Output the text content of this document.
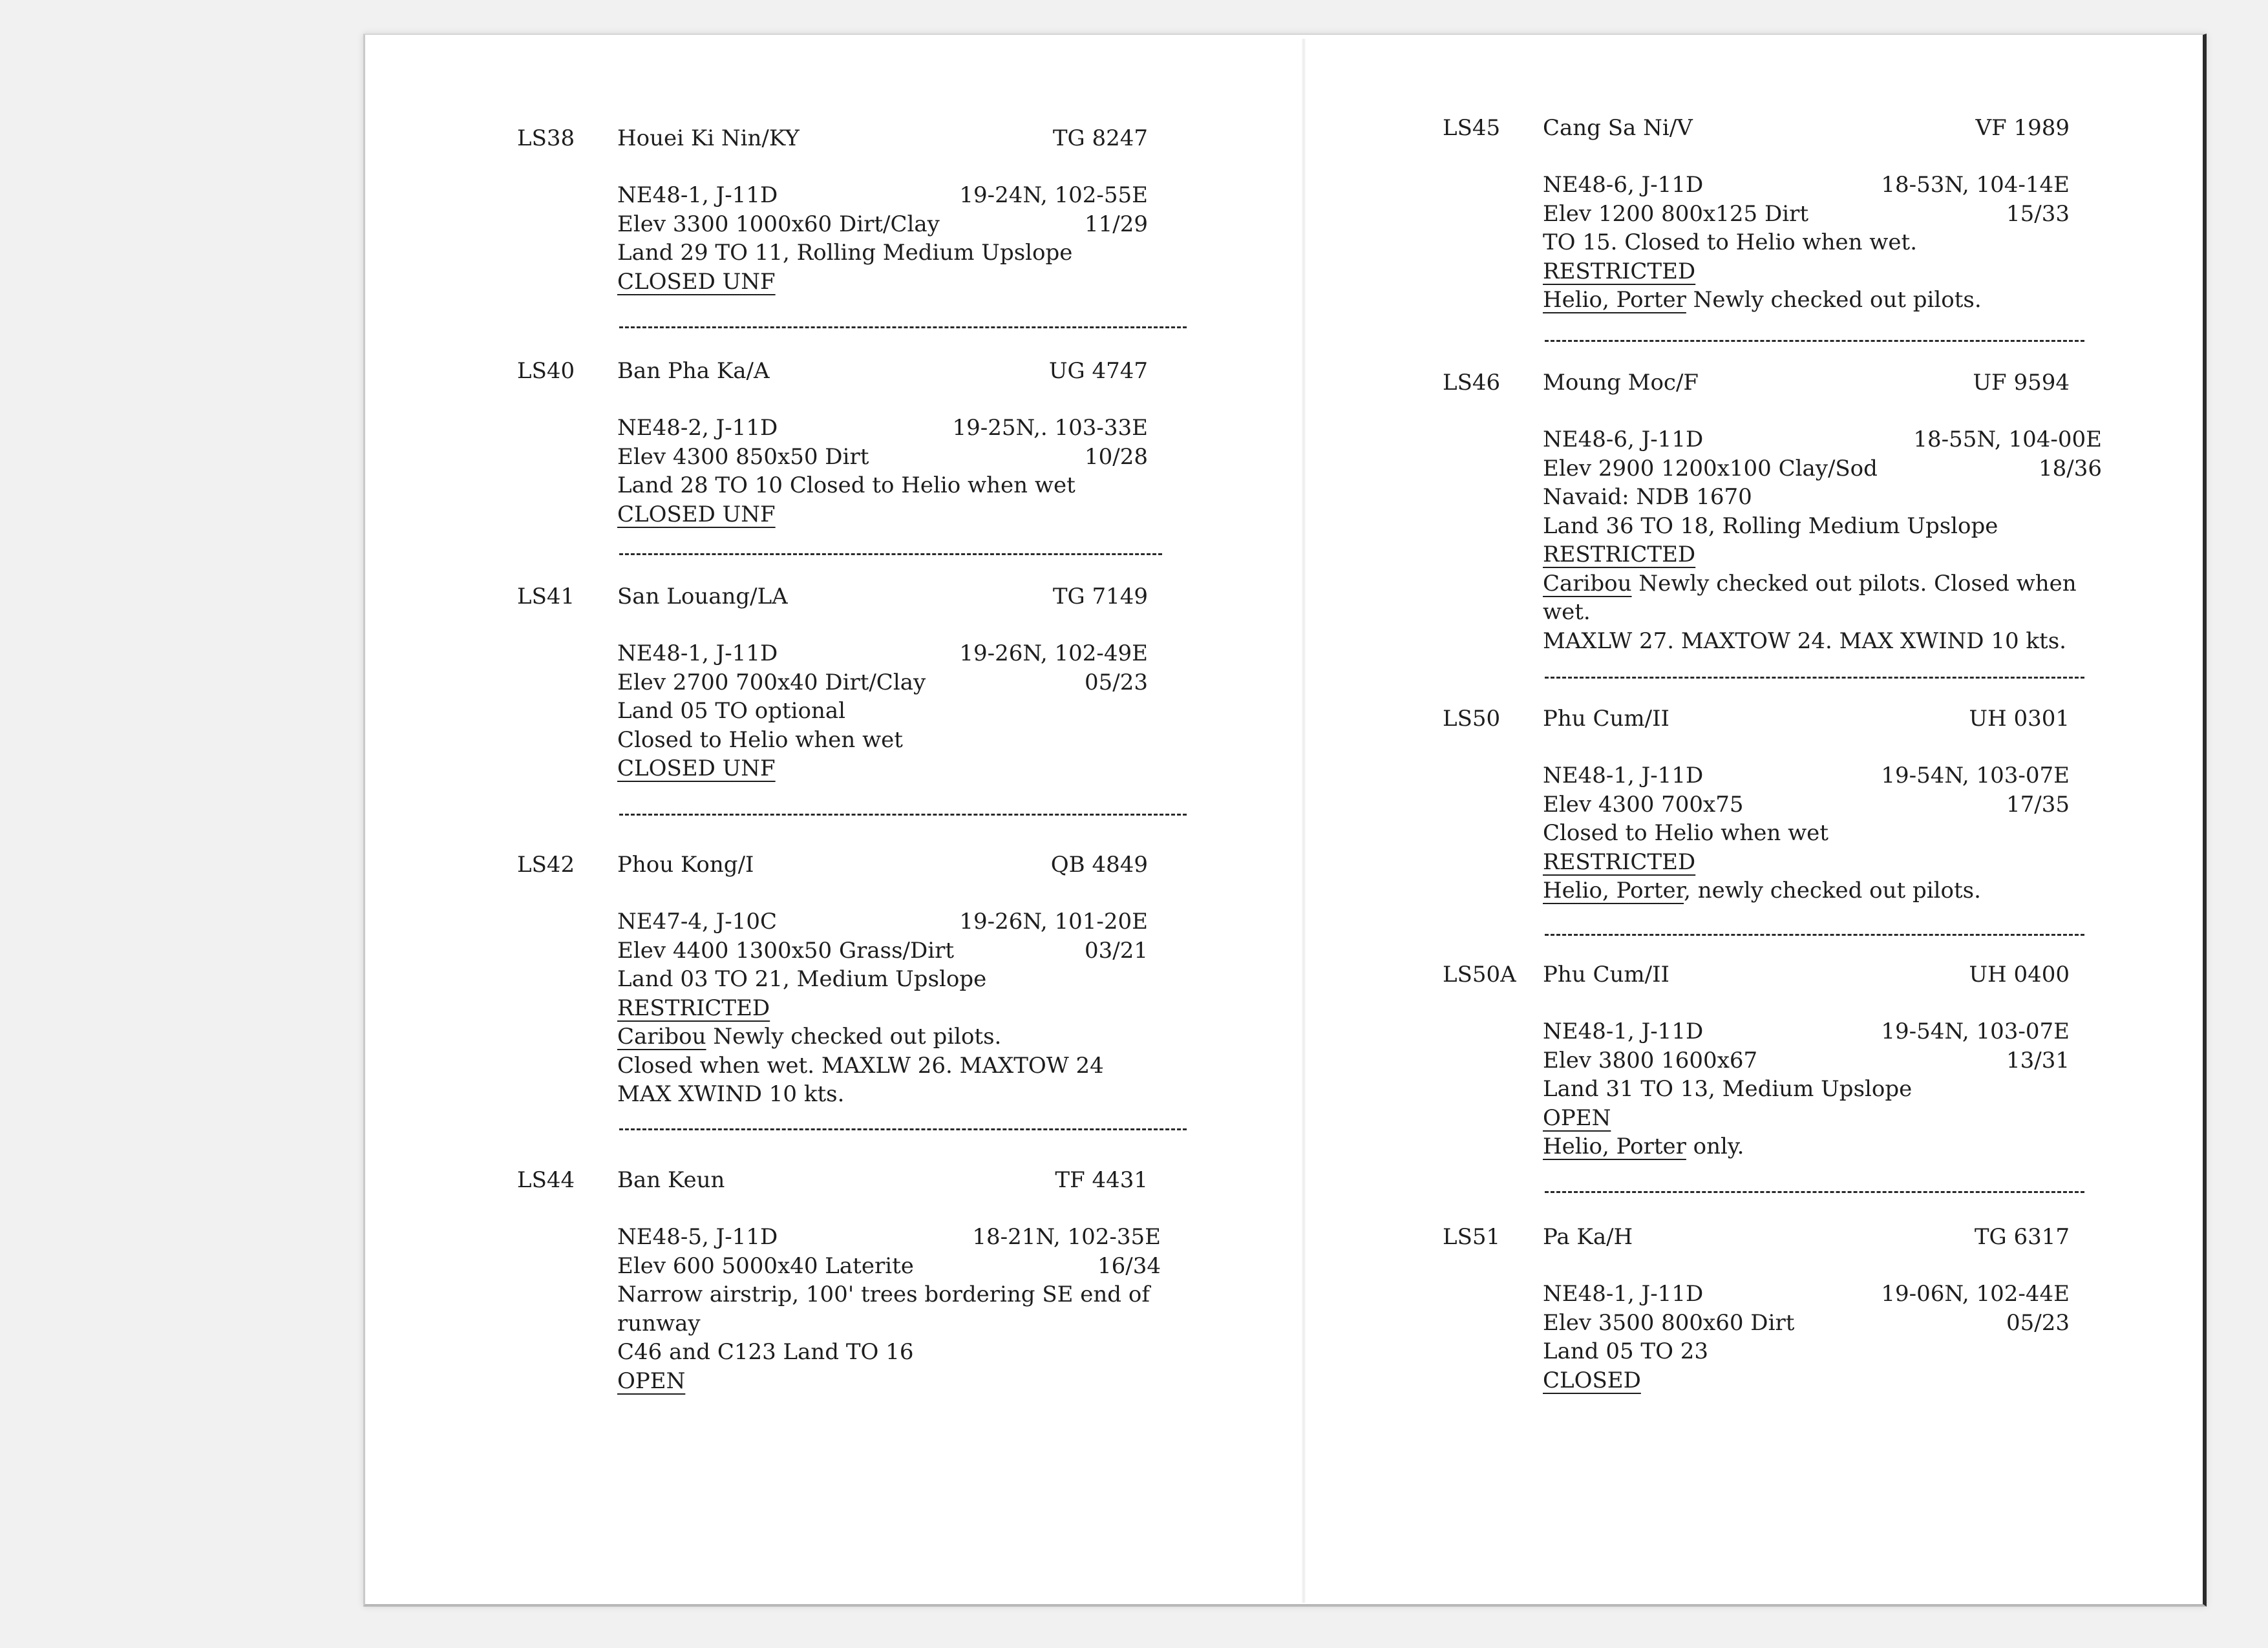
LS38 Houei Ki Nin/KY	TG 8247
NE48-1, J-11D	19-24N, 102-55E
Elev 3300 1000x60 Dirt/Clay	11/29
Land 29 TO 11, Rolling Medium Upslope
CLOSED UNF
LS40 Ban Pha Ka/A	UG 4747
NE48-2, J-11D	19-25N,. 103-33E
Elev 4300 850x50 Dirt	10/28
Land 28 TO 10 Closed to Helio when wet
CLOSED UNF
LS41 San Louang/LA	TG 7149
NE48-1, J-11D	19-26N, 102-49E
Elev 2700 700x40 Dirt/Clay	05/23
Land 05 TO optional
Closed to Helio when wet
CLOSED UNF
LS42 Phou Kong/I	QB 4849
NE47-4, J-10C	19-26N, 101-20E
Elev 4400 1300x50 Grass/Dirt	03/21
Land 03 TO 21, Medium Upslope
RESTRICTED
Caribou Newly checked out pilots.
Closed when wet. MAXLW 26. MAXTOW 24
MAX XWIND 10 kts.
LS44 Ban Keun	TF 4431
NE48-5, J-11D	18-21N, 102-35E
Elev 600 5000x40 Laterite	16/34
Narrow airstrip, 100' trees bordering SE end of runway
C46 and C123 Land TO 16
OPEN
LS45 Cang Sa Ni/V	VF 1989
NE48-6, J-11D	18-53N, 104-14E
Elev 1200 800x125 Dirt	15/33
TO 15. Closed to Helio when wet.
RESTRICTED
Helio, Porter Newly checked out pilots.
LS46 Moung Moc/F	UF 9594
NE48-6, J-11D	18-55N, 104-00E
Elev 2900 1200x100 Clay/Sod	18/36
Navaid: NDB 1670
Land 36 TO 18, Rolling Medium Upslope
RESTRICTED
Caribou Newly checked out pilots. Closed when wet.
MAXLW 27. MAXTOW 24. MAX XWIND 10 kts.
LS50 Phu Cum/II	UH 0301
NE48-1, J-11D	19-54N, 103-07E
Elev 4300 700x75	17/35
Closed to Helio when wet
RESTRICTED
Helio, Porter, newly checked out pilots.
LS50A Phu Cum/II	UH 0400
NE48-1, J-11D	19-54N, 103-07E
Elev 3800 1600x67	13/31
Land 31 TO 13, Medium Upslope
OPEN
Helio, Porter only.
LS51 Pa Ka/H	TG 6317
NE48-1, J-11D	19-06N, 102-44E
Elev 3500 800x60 Dirt	05/23
Land 05 TO 23
CLOSED
